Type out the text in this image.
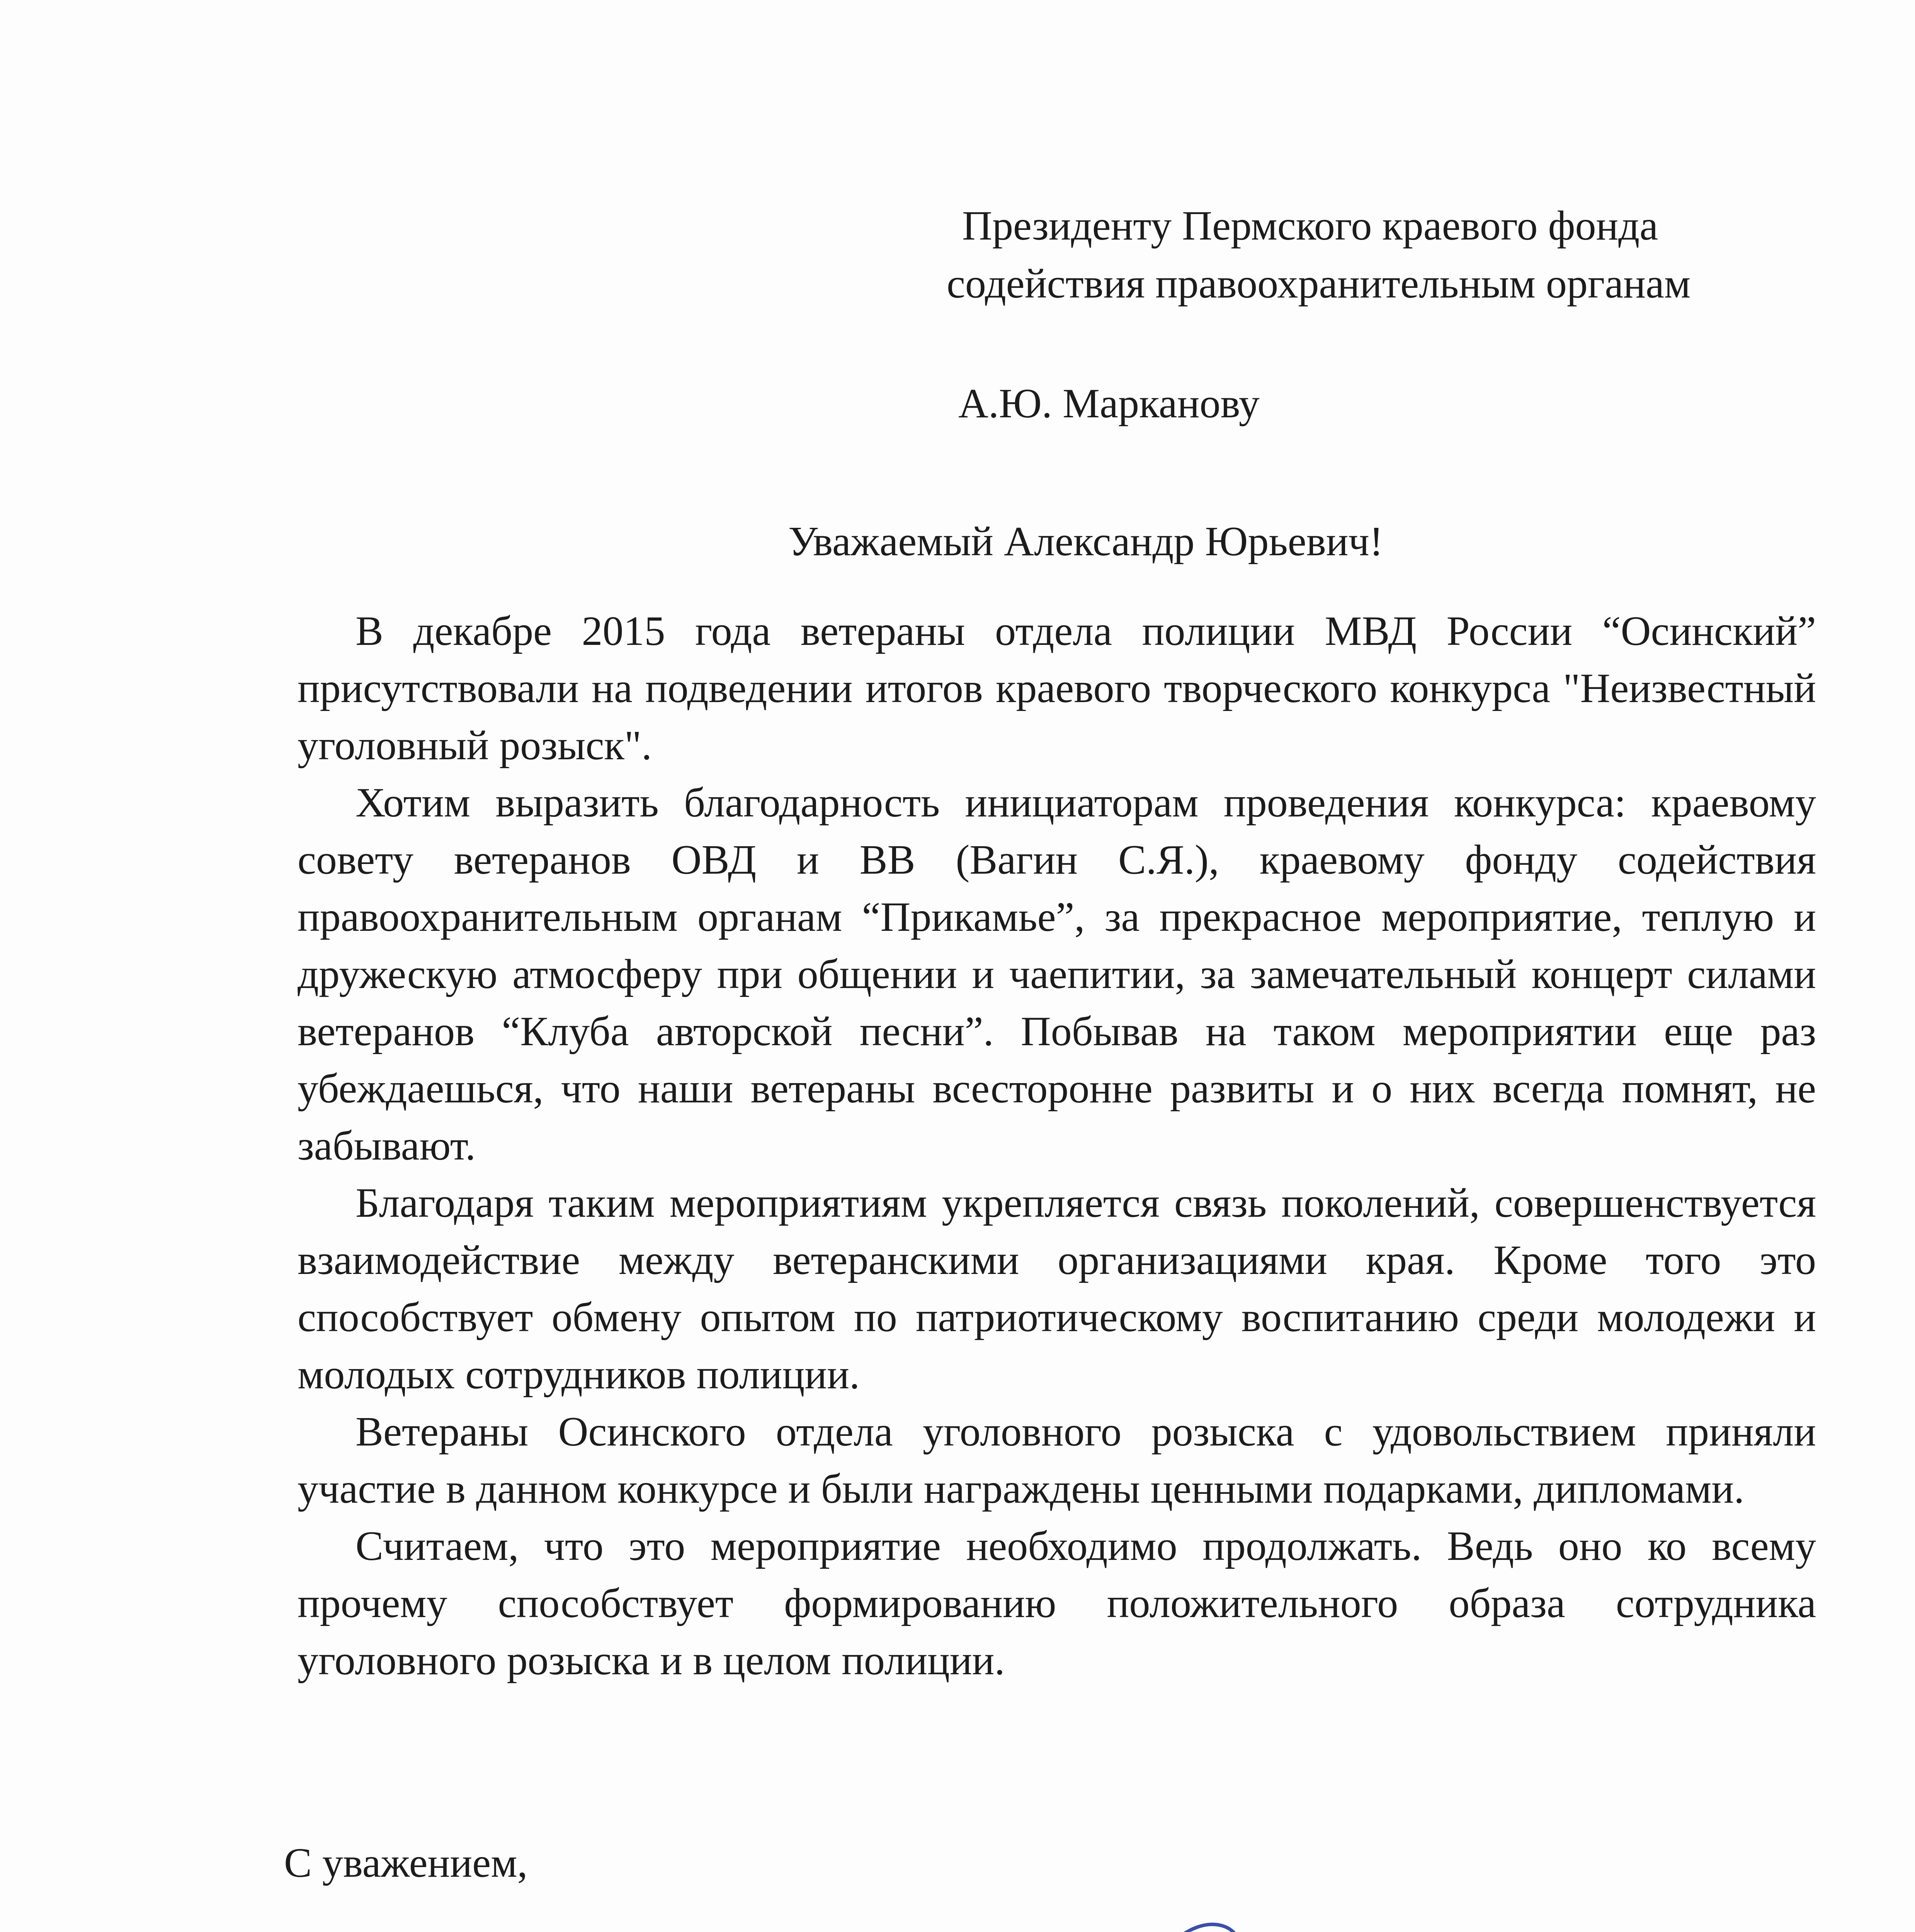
Президенту Пермского краевого фонда
содействия правоохранительным органам
А.Ю. Марканову
Уважаемый Александр Юрьевич!

В декабре 2015 года ветераны отдела полиции МВД России “Осинский” присутствовали на подведении итогов краевого творческого конкурса "Неизвестный уголовный розыск".

Хотим выразить благодарность инициаторам проведения конкурса: краевому совету ветеранов ОВД и ВВ (Вагин С.Я.), краевому фонду содействия правоохранительным органам “Прикамье”, за прекрасное мероприятие, теплую и дружескую атмосферу при общении и чаепитии, за замечательный концерт силами ветеранов “Клуба авторской песни”. Побывав на таком мероприятии еще раз убеждаешься, что наши ветераны всесторонне развиты и о них всегда помнят, не забывают.

Благодаря таким мероприятиям укрепляется связь поколений, совершенствуется взаимодействие между ветеранскими организациями края. Кроме того это способствует обмену опытом по патриотическому воспитанию среди молодежи и молодых сотрудников полиции.

Ветераны Осинского отдела уголовного розыска с удовольствием приняли участие в данном конкурсе и были награждены ценными подарками, дипломами.

Считаем, что это мероприятие необходимо продолжать. Ведь оно ко всему прочему способствует формированию положительного образа сотрудника уголовного розыска и в целом полиции.

С уважением,
